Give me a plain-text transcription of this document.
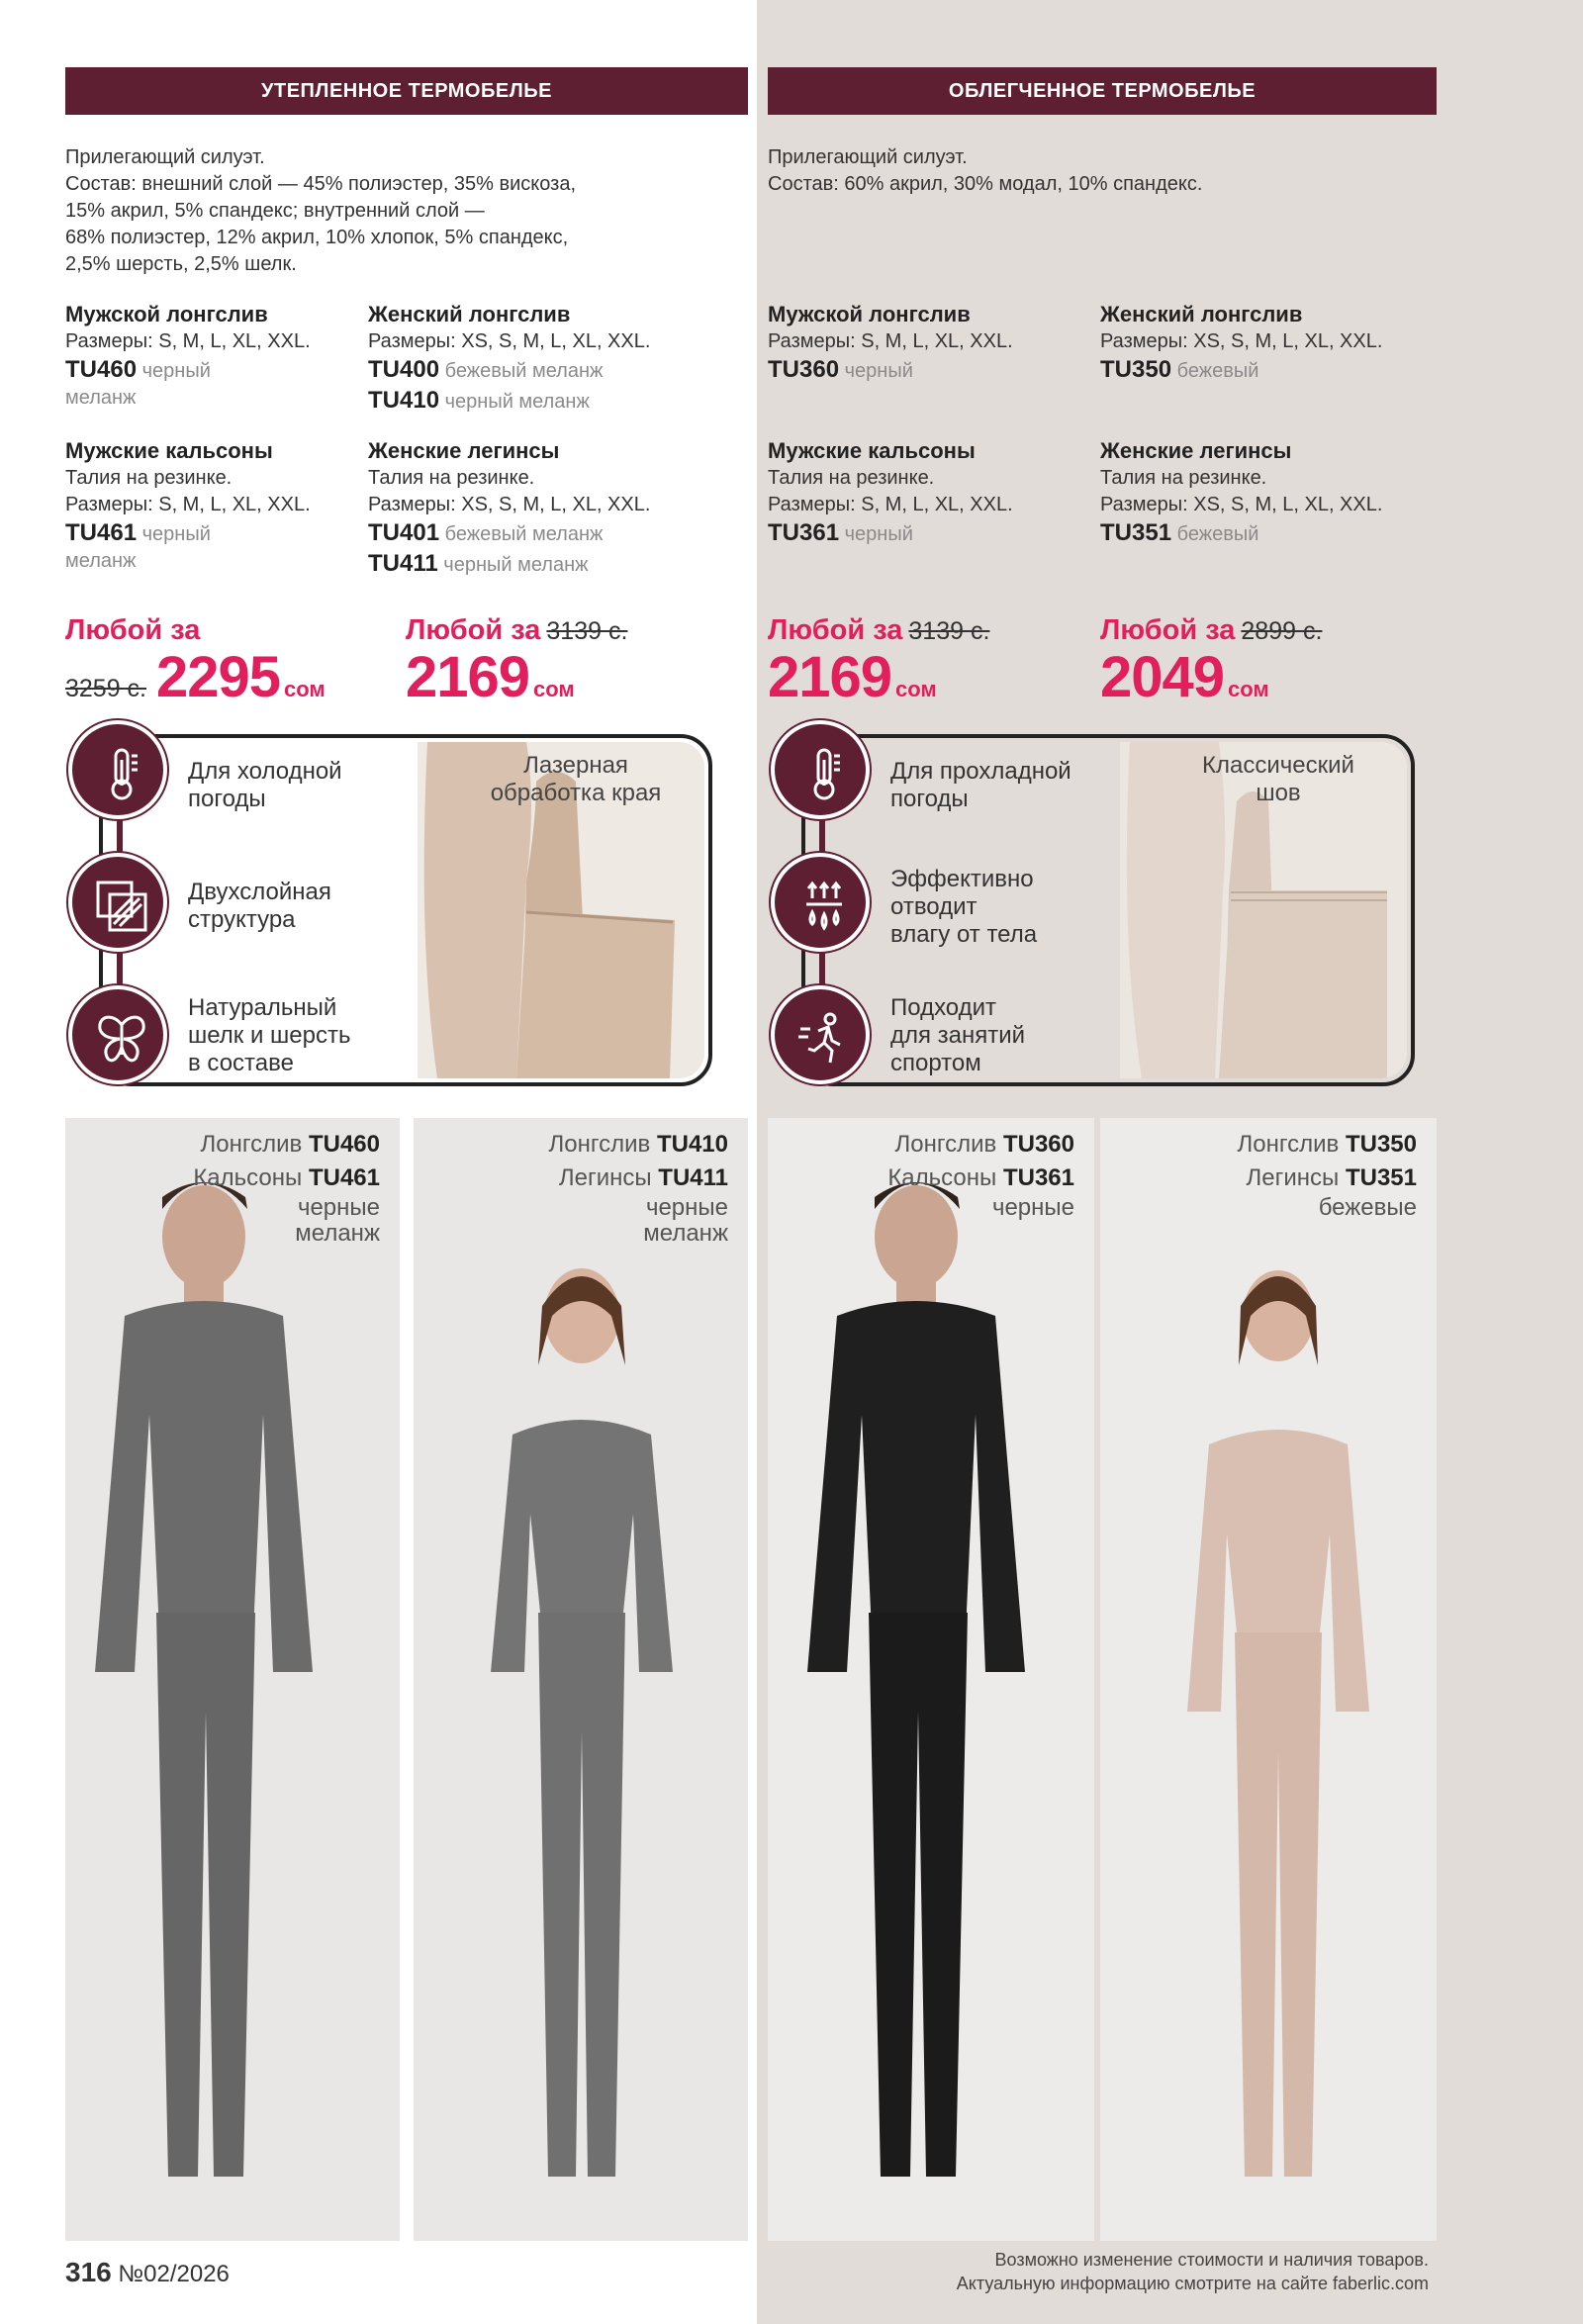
УТЕПЛЕННОЕ ТЕРМОБЕЛЬЕ
Прилегающий силуэт.
Состав: внешний слой — 45% полиэстер, 35% вискоза,
15% акрил, 5% спандекс; внутренний слой —
68% полиэстер, 12% акрил, 10% хлопок, 5% спандекс,
2,5% шерсть, 2,5% шелк.
Мужской лонгслив
Размеры: S, M, L, XL, XXL.
TU460 черный
меланж
Женский лонгслив
Размеры: XS, S, M, L, XL, XXL.
TU400 бежевый меланж
TU410 черный меланж
Мужские кальсоны
Талия на резинке.
Размеры: S, M, L, XL, XXL.
TU461 черный
меланж
Женские легинсы
Талия на резинке.
Размеры: XS, S, M, L, XL, XXL.
TU401 бежевый меланж
TU411 черный меланж
Любой за
3259 с. 2295 сом
Любой за 3139 с.
2169 сом
Для холодной
погоды
Двухслойная
структура
Натуральный
шелк и шерсть
в составе
Лазерная
обработка края
ОБЛЕГЧЕННОЕ ТЕРМОБЕЛЬЕ
Прилегающий силуэт.
Состав: 60% акрил, 30% модал, 10% спандекс.
Мужской лонгслив
Размеры: S, M, L, XL, XXL.
TU360 черный
Женский лонгслив
Размеры: XS, S, M, L, XL, XXL.
TU350 бежевый
Мужские кальсоны
Талия на резинке.
Размеры: S, M, L, XL, XXL.
TU361 черный
Женские легинсы
Талия на резинке.
Размеры: XS, S, M, L, XL, XXL.
TU351 бежевый
Любой за 3139 с.
2169 сом
Любой за 2899 с.
2049 сом
Для прохладной
погоды
Эффективно
отводит
влагу от тела
Подходит
для занятий
спортом
Классический
шов
Лонгслив TU460
Кальсоны TU461
черные
меланж
Лонгслив TU410
Легинсы TU411
черные
меланж
Лонгслив TU360
Кальсоны TU361
черные
Лонгслив TU350
Легинсы TU351
бежевые
316 №02/2026
Возможно изменение стоимости и наличия товаров.
Актуальную информацию смотрите на сайте faberlic.com
